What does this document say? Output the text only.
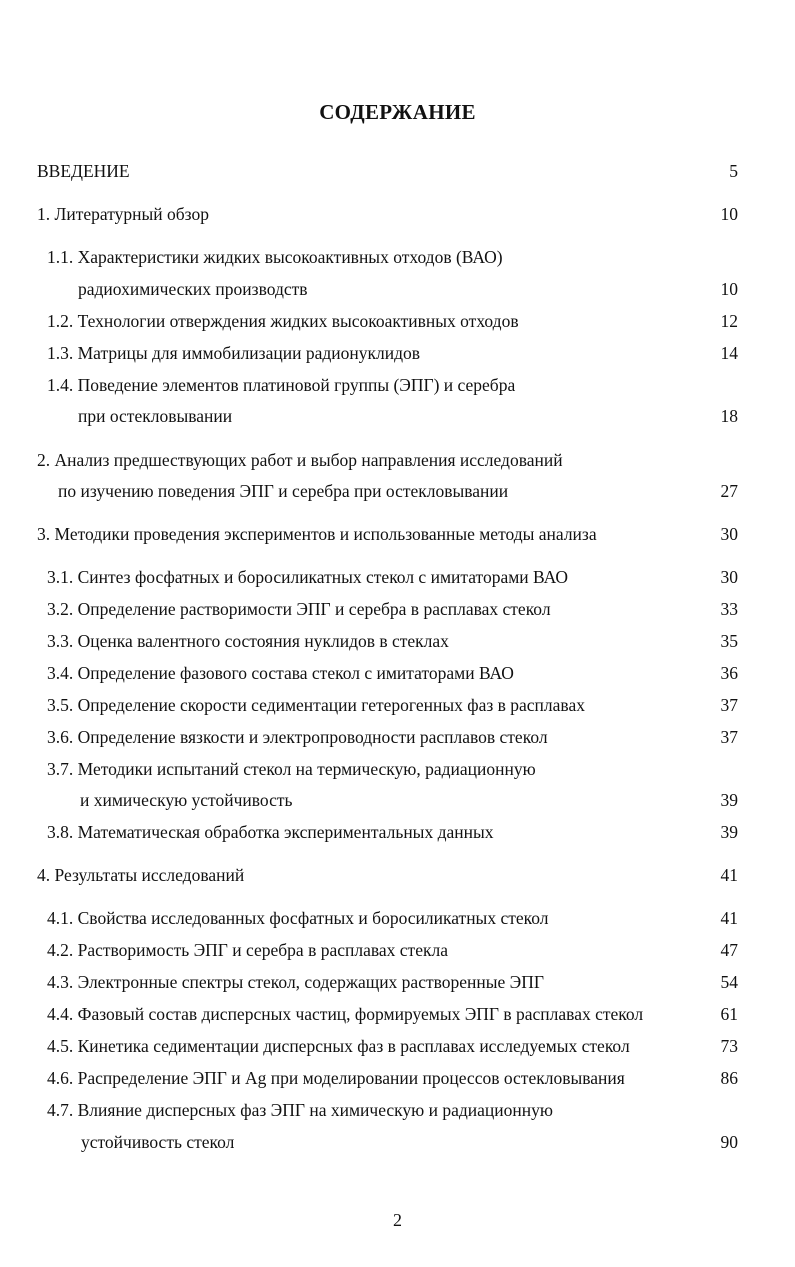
СОДЕРЖАНИЕ
ВВЕДЕНИЕ	5
1. Литературный обзор	10
1.1. Характеристики жидких высокоактивных отходов (ВАО)
радиохимических производств	10
1.2. Технологии отверждения жидких высокоактивных отходов	12
1.3. Матрицы для иммобилизации радионуклидов	14
1.4. Поведение элементов платиновой группы (ЭПГ) и серебра
при остекловывании	18
2. Анализ предшествующих работ и выбор направления исследований
по изучению поведения ЭПГ и серебра при остекловывании	27
3. Методики проведения экспериментов и использованные методы анализа	30
3.1. Синтез фосфатных и боросиликатных стекол с имитаторами ВАО	30
3.2. Определение растворимости ЭПГ и серебра в расплавах стекол	33
3.3. Оценка валентного состояния нуклидов в стеклах	35
3.4. Определение фазового состава стекол с имитаторами ВАО	36
3.5. Определение скорости седиментации гетерогенных фаз в расплавах	37
3.6. Определение вязкости и электропроводности расплавов стекол	37
3.7. Методики испытаний стекол на термическую, радиационную
и химическую устойчивость	39
3.8. Математическая обработка экспериментальных данных	39
4. Результаты исследований	41
4.1. Свойства исследованных фосфатных и боросиликатных стекол	41
4.2. Растворимость ЭПГ и серебра в расплавах стекла	47
4.3. Электронные спектры стекол, содержащих растворенные ЭПГ	54
4.4. Фазовый состав дисперсных частиц, формируемых ЭПГ в расплавах стекол	61
4.5. Кинетика седиментации дисперсных фаз в расплавах исследуемых стекол	73
4.6. Распределение ЭПГ и Ag при моделировании процессов остекловывания	86
4.7. Влияние дисперсных фаз ЭПГ на химическую и радиационную
устойчивость стекол	90
2
